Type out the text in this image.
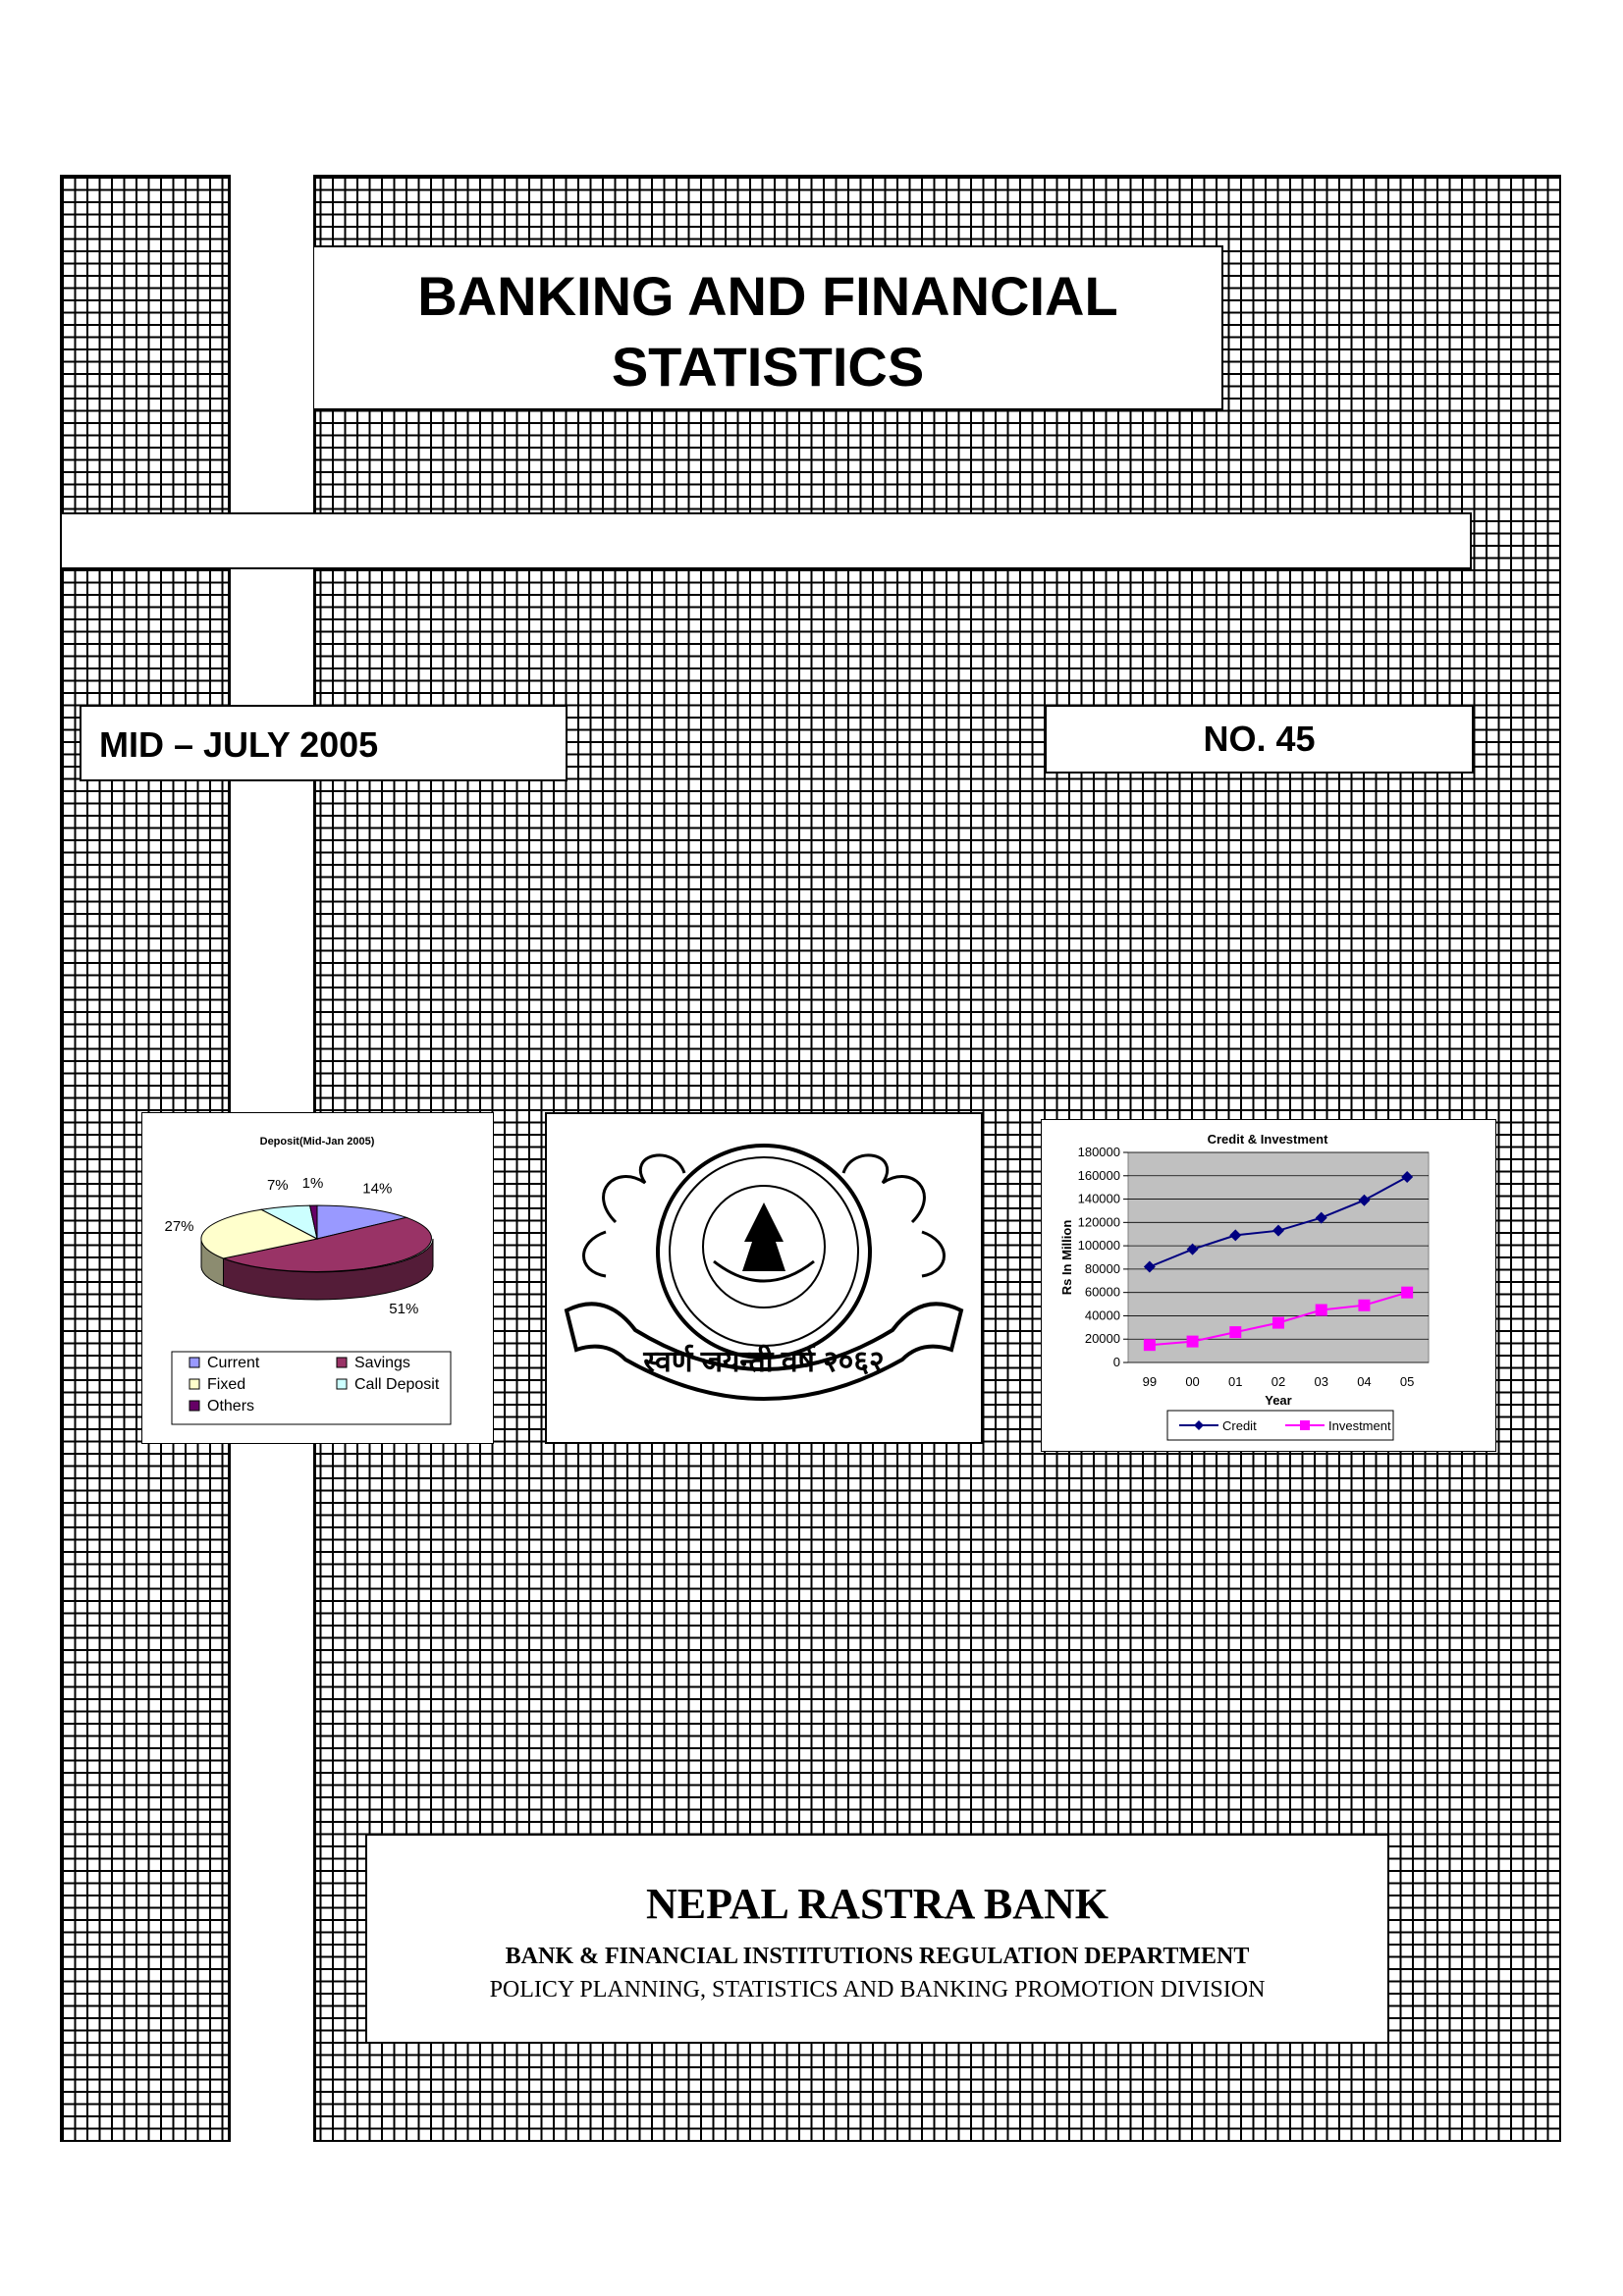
BANKING AND FINANCIAL
STATISTICS
MID – JULY 2005	NO. 45
Deposit(Mid-Jan 2005)
14%
51%
27%
7% 1%
Current	Savings
Fixed	Call Deposit
Others
स्वर्ण जयन्ती वर्ष २०६२
Credit & Investment
0
20000
40000
60000
80000
100000
120000
140000
160000
180000
99 00 01 02 03 04 05
Rs In Million
Year
Credit	Investment
NEPAL RASTRA BANK
BANK & FINANCIAL INSTITUTIONS REGULATION DEPARTMENT
POLICY PLANNING, STATISTICS AND BANKING PROMOTION DIVISION
